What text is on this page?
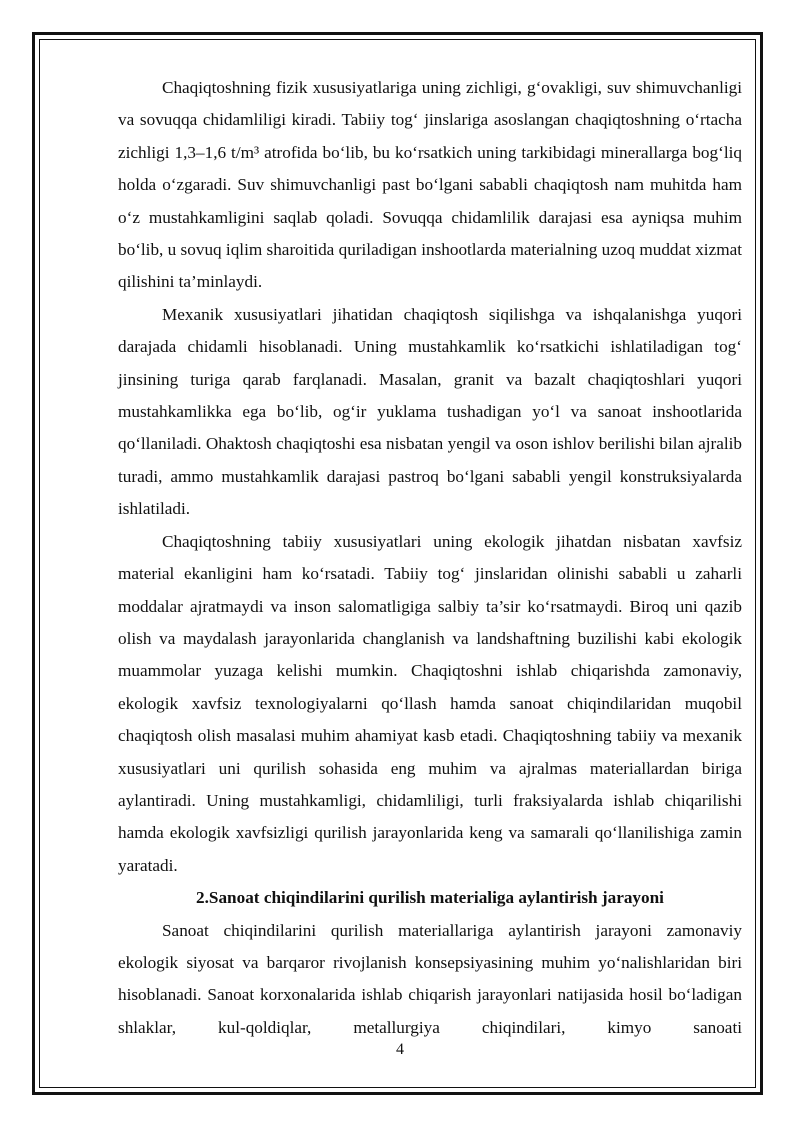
Chaqiqtoshning fizik xususiyatlariga uning zichligi, g‘ovakligi, suv shimuvchanligi va sovuqqa chidamliligi kiradi. Tabiiy tog‘ jinslariga asoslangan chaqiqtoshning o‘rtacha zichligi 1,3–1,6 t/m³ atrofida bo‘lib, bu ko‘rsatkich uning tarkibidagi minerallarga bog‘liq holda o‘zgaradi. Suv shimuvchanligi past bo‘lgani sababli chaqiqtosh nam muhitda ham o‘z mustahkamligini saqlab qoladi. Sovuqqa chidamlilik darajasi esa ayniqsa muhim bo‘lib, u sovuq iqlim sharoitida quriladigan inshootlarda materialning uzoq muddat xizmat qilishini ta’minlaydi.

Mexanik xususiyatlari jihatidan chaqiqtosh siqilishga va ishqalanishga yuqori darajada chidamli hisoblanadi. Uning mustahkamlik ko‘rsatkichi ishlatiladigan tog‘ jinsining turiga qarab farqlanadi. Masalan, granit va bazalt chaqiqtoshlari yuqori mustahkamlikka ega bo‘lib, og‘ir yuklama tushadigan yo‘l va sanoat inshootlarida qo‘llaniladi. Ohaktosh chaqiqtoshi esa nisbatan yengil va oson ishlov berilishi bilan ajralib turadi, ammo mustahkamlik darajasi pastroq bo‘lgani sababli yengil konstruksiyalarda ishlatiladi.

Chaqiqtoshning tabiiy xususiyatlari uning ekologik jihatdan nisbatan xavfsiz material ekanligini ham ko‘rsatadi. Tabiiy tog‘ jinslaridan olinishi sababli u zaharli moddalar ajratmaydi va inson salomatligiga salbiy ta’sir ko‘rsatmaydi. Biroq uni qazib olish va maydalash jarayonlarida changlanish va landshaftning buzilishi kabi ekologik muammolar yuzaga kelishi mumkin. Chaqiqtoshni ishlab chiqarishda zamonaviy, ekologik xavfsiz texnologiyalarni qo‘llash hamda sanoat chiqindilaridan muqobil chaqiqtosh olish masalasi muhim ahamiyat kasb etadi. Chaqiqtoshning tabiiy va mexanik xususiyatlari uni qurilish sohasida eng muhim va ajralmas materiallardan biriga aylantiradi. Uning mustahkamligi, chidamliligi, turli fraksiyalarda ishlab chiqarilishi hamda ekologik xavfsizligi qurilish jarayonlarida keng va samarali qo‘llanilishiga zamin yaratadi.

2.Sanoat chiqindilarini qurilish materialiga aylantirish jarayoni

Sanoat chiqindilarini qurilish materiallariga aylantirish jarayoni zamonaviy ekologik siyosat va barqaror rivojlanish konsepsiyasining muhim yo‘nalishlaridan biri hisoblanadi. Sanoat korxonalarida ishlab chiqarish jarayonlari natijasida hosil bo‘ladigan shlaklar, kul-qoldiqlar, metallurgiya chiqindilari, kimyo sanoati

4
